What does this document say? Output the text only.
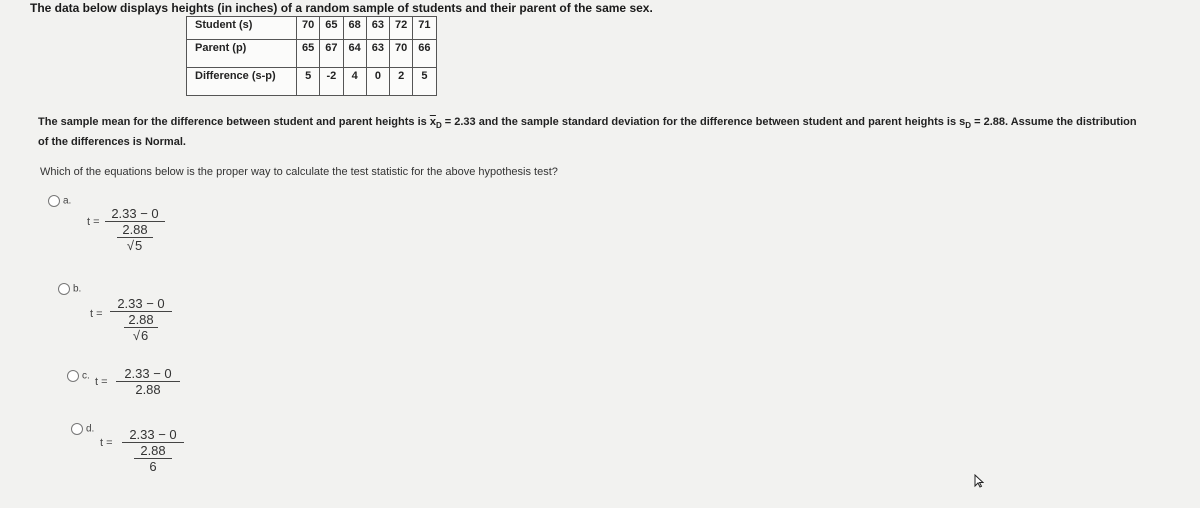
The data below displays heights (in inches) of a random sample of students and their parent of the same sex.
Student (s)	70	65	68	63	72	71
Parent (p)	65	67	64	63	70	66
Difference (s-p)	5	-2	4	0	2	5
The sample mean for the difference between student and parent heights is $\overline{x}_D = 2.33$ and the sample standard deviation for the difference between student and parent heights is $s_D = 2.88$. Assume the distribution
of the differences is Normal.
Which of the equations below is the proper way to calculate the test statistic for the above hypothesis test?
a.
t = 2.33 − 0
2.88
√5
b.
t = 2.33 − 0
2.88
√6
c.
$t = \frac{2.33 - 0}{2.88}$
d.
t = 2.33 − 0
2.88
6
